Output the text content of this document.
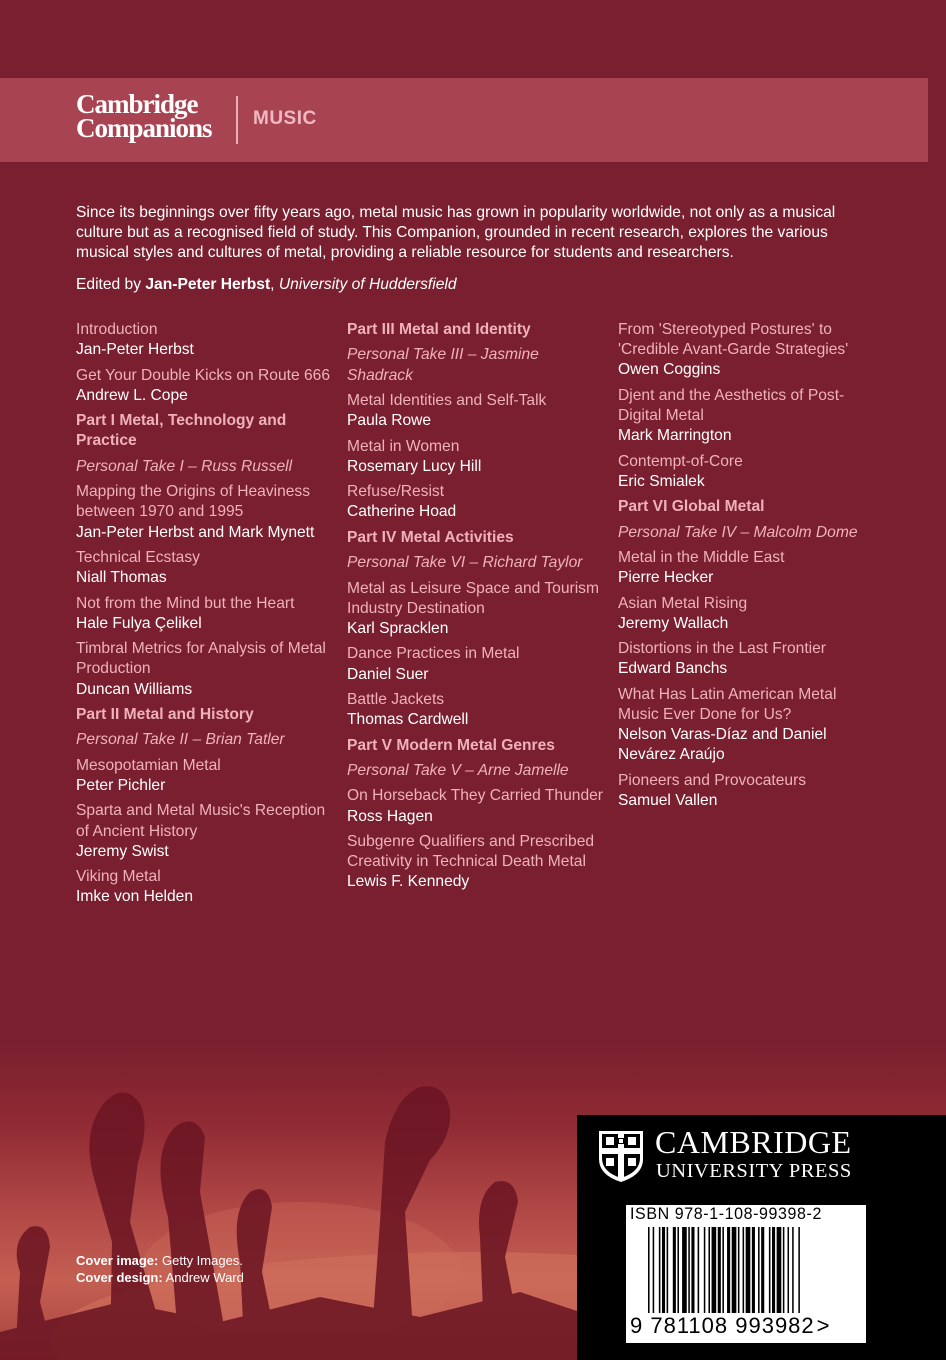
Cambridge
Companions	MUSIC

Since its beginnings over fifty years ago, metal music has grown in popularity worldwide, not only as a musical culture but as a recognised field of study. This Companion, grounded in recent research, explores the various musical styles and cultures of metal, providing a reliable resource for students and researchers.

Edited by Jan-Peter Herbst, University of Huddersfield
Introduction
Jan-Peter Herbst
Get Your Double Kicks on Route 666
Andrew L. Cope
Part I Metal, Technology and Practice
Personal Take I – Russ Russell
Mapping the Origins of Heaviness between 1970 and 1995
Jan-Peter Herbst and Mark Mynett
Technical Ecstasy
Niall Thomas
Not from the Mind but the Heart
Hale Fulya Çelikel
Timbral Metrics for Analysis of Metal Production
Duncan Williams
Part II Metal and History
Personal Take II – Brian Tatler
Mesopotamian Metal
Peter Pichler
Sparta and Metal Music's Reception of Ancient History
Jeremy Swist
Viking Metal
Imke von Helden
Part III Metal and Identity
Personal Take III – Jasmine Shadrack
Metal Identities and Self-Talk
Paula Rowe
Metal in Women
Rosemary Lucy Hill
Refuse/Resist
Catherine Hoad
Part IV Metal Activities
Personal Take VI – Richard Taylor
Metal as Leisure Space and Tourism Industry Destination
Karl Spracklen
Dance Practices in Metal
Daniel Suer
Battle Jackets
Thomas Cardwell
Part V Modern Metal Genres
Personal Take V – Arne Jamelle
On Horseback They Carried Thunder
Ross Hagen
Subgenre Qualifiers and Prescribed Creativity in Technical Death Metal
Lewis F. Kennedy
From 'Stereotyped Postures' to 'Credible Avant-Garde Strategies'
Owen Coggins
Djent and the Aesthetics of Post-Digital Metal
Mark Marrington
Contempt-of-Core
Eric Smialek
Part VI Global Metal
Personal Take IV – Malcolm Dome
Metal in the Middle East
Pierre Hecker
Asian Metal Rising
Jeremy Wallach
Distortions in the Last Frontier
Edward Banchs
What Has Latin American Metal Music Ever Done for Us?
Nelson Varas-Díaz and Daniel Nevárez Araújo
Pioneers and Provocateurs
Samuel Vallen
Cover image: Getty Images.
Cover design: Andrew Ward
CAMBRIDGE
UNIVERSITY PRESS
ISBN 978-1-108-99398-2
9 781108 993982>
